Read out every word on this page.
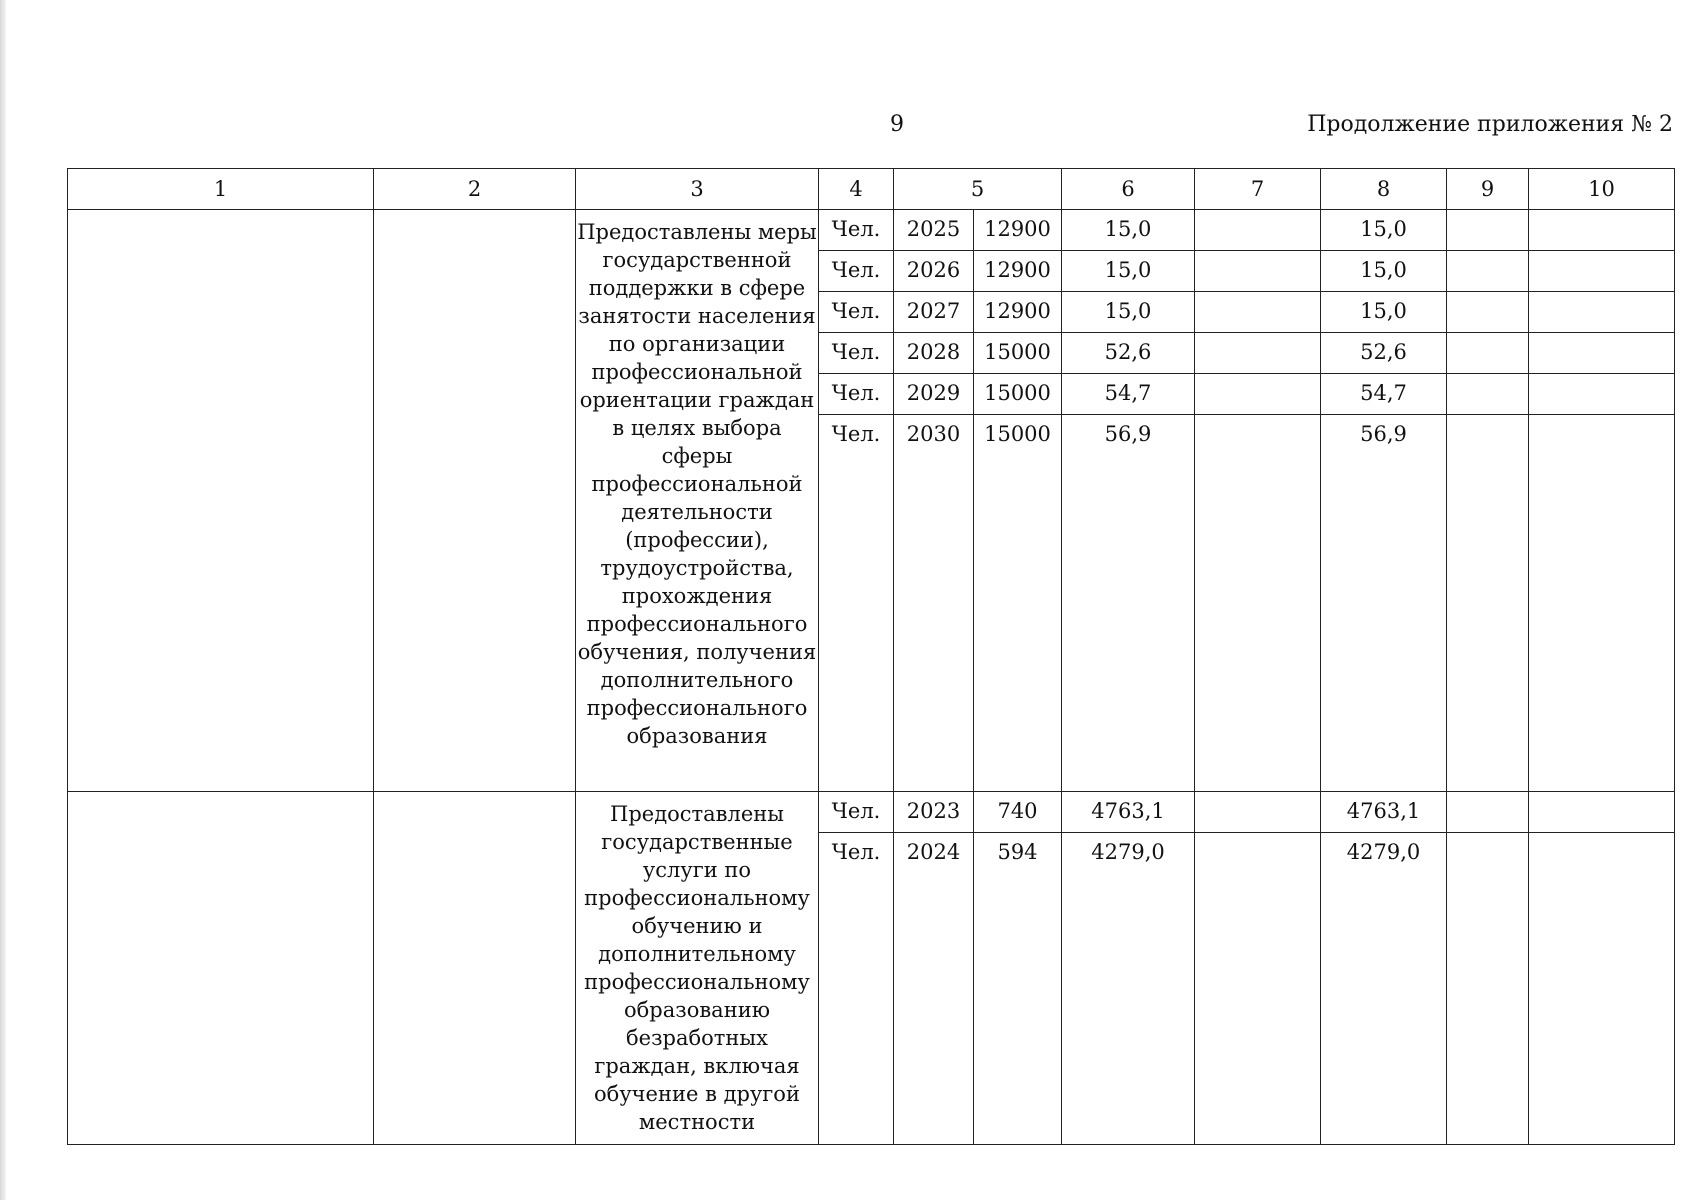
9	Продолжение приложения № 2
1	2	3	4	5		6	7	8	9	10
		Предоставлены меры государственной поддержки в сфере занятости населения по организации профессиональной ориентации граждан в целях выбора сферы профессиональной деятельности (профессии), трудоустройства, прохождения профессионального обучения, получения дополнительного профессионального образования	Чел.	2025	12900	15,0		15,0		
			Чел.	2026	12900	15,0		15,0		
			Чел.	2027	12900	15,0		15,0		
			Чел.	2028	15000	52,6		52,6		
			Чел.	2029	15000	54,7		54,7		
			Чел.	2030	15000	56,9		56,9		
		Предоставлены государственные услуги по профессиональному обучению и дополнительному профессиональному образованию безработных граждан, включая обучение в другой местности	Чел.	2023	740	4763,1		4763,1		
			Чел.	2024	594	4279,0		4279,0		
